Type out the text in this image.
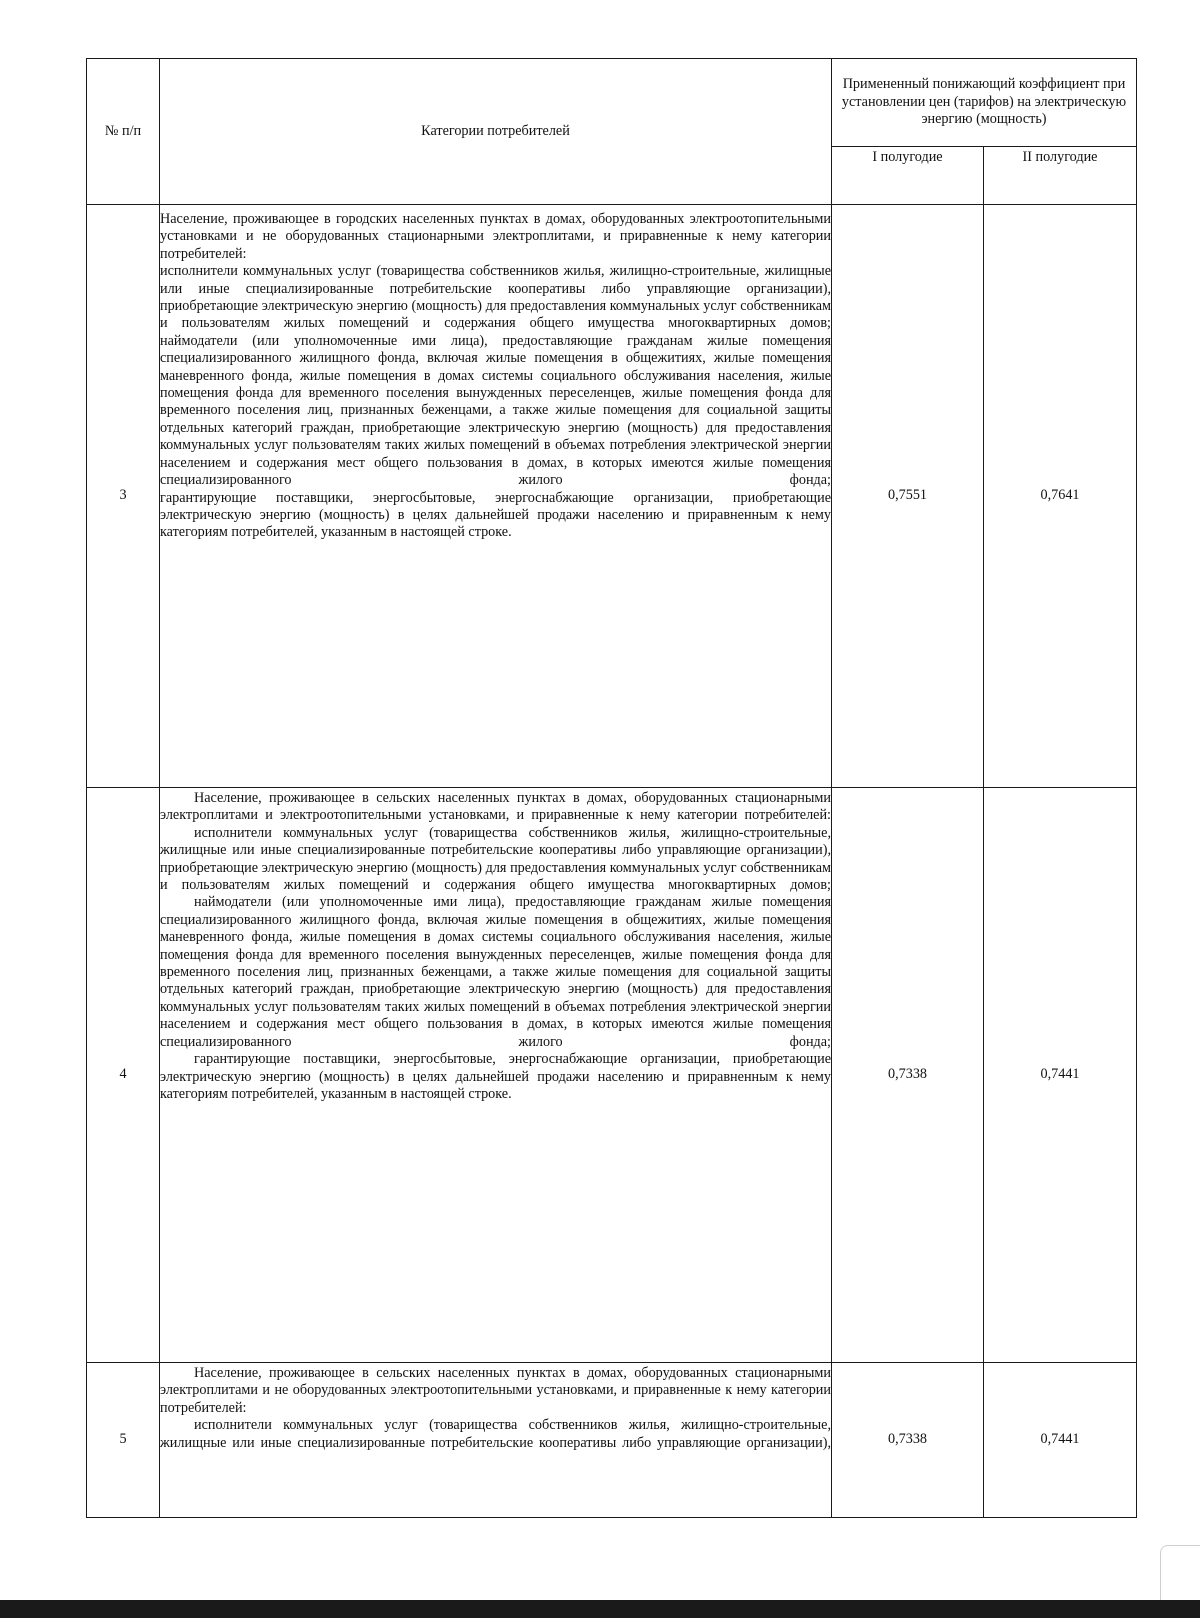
№ п/п	Категории потребителей	Примененный понижающий коэффициент при установлении цен (тарифов) на электрическую энергию (мощность)	
		I полугодие	II полугодие
3	Население, проживающее в городских населенных пунктах в домах, оборудованных электроотопительными установками и не оборудованных стационарными электроплитами, и приравненные к нему категории потребителей:

исполнители коммунальных услуг (товарищества собственников жилья, жилищно-строительные, жилищные или иные специализированные потребительские кооперативы либо управляющие организации), приобретающие электрическую энергию (мощность) для предоставления коммунальных услуг собственникам и пользователям жилых помещений и содержания общего имущества многоквартирных домов;

наймодатели (или уполномоченные ими лица), предоставляющие гражданам жилые помещения специализированного жилищного фонда, включая жилые помещения в общежитиях, жилые помещения маневренного фонда, жилые помещения в домах системы социального обслуживания населения, жилые помещения фонда для временного поселения вынужденных переселенцев, жилые помещения фонда для временного поселения лиц, признанных беженцами, а также жилые помещения для социальной защиты отдельных категорий граждан, приобретающие электрическую энергию (мощность) для предоставления коммунальных услуг пользователям таких жилых помещений в объемах потребления электрической энергии населением и содержания мест общего пользования в домах, в которых имеются жилые помещения специализированного жилого фонда;

гарантирующие поставщики, энергосбытовые, энергоснабжающие организации, приобретающие электрическую энергию (мощность) в целях дальнейшей продажи населению и приравненным к нему категориям потребителей, указанным в настоящей строке.	0,7551	0,7641
4	Население, проживающее в сельских населенных пунктах в домах, оборудованных стационарными электроплитами и электроотопительными установками, и приравненные к нему категории потребителей:

исполнители коммунальных услуг (товарищества собственников жилья, жилищно-строительные, жилищные или иные специализированные потребительские кооперативы либо управляющие организации), приобретающие электрическую энергию (мощность) для предоставления коммунальных услуг собственникам и пользователям жилых помещений и содержания общего имущества многоквартирных домов;

наймодатели (или уполномоченные ими лица), предоставляющие гражданам жилые помещения специализированного жилищного фонда, включая жилые помещения в общежитиях, жилые помещения маневренного фонда, жилые помещения в домах системы социального обслуживания населения, жилые помещения фонда для временного поселения вынужденных переселенцев, жилые помещения фонда для временного поселения лиц, признанных беженцами, а также жилые помещения для социальной защиты отдельных категорий граждан, приобретающие электрическую энергию (мощность) для предоставления коммунальных услуг пользователям таких жилых помещений в объемах потребления электрической энергии населением и содержания мест общего пользования в домах, в которых имеются жилые помещения специализированного жилого фонда;

гарантирующие поставщики, энергосбытовые, энергоснабжающие организации, приобретающие электрическую энергию (мощность) в целях дальнейшей продажи населению и приравненным к нему категориям потребителей, указанным в настоящей строке.	0,7338	0,7441
5	Население, проживающее в сельских населенных пунктах в домах, оборудованных стационарными электроплитами и не оборудованных электроотопительными установками, и приравненные к нему категории потребителей:

исполнители коммунальных услуг (товарищества собственников жилья, жилищно-строительные, жилищные или иные специализированные потребительские кооперативы либо управляющие организации),	0,7338	0,7441
